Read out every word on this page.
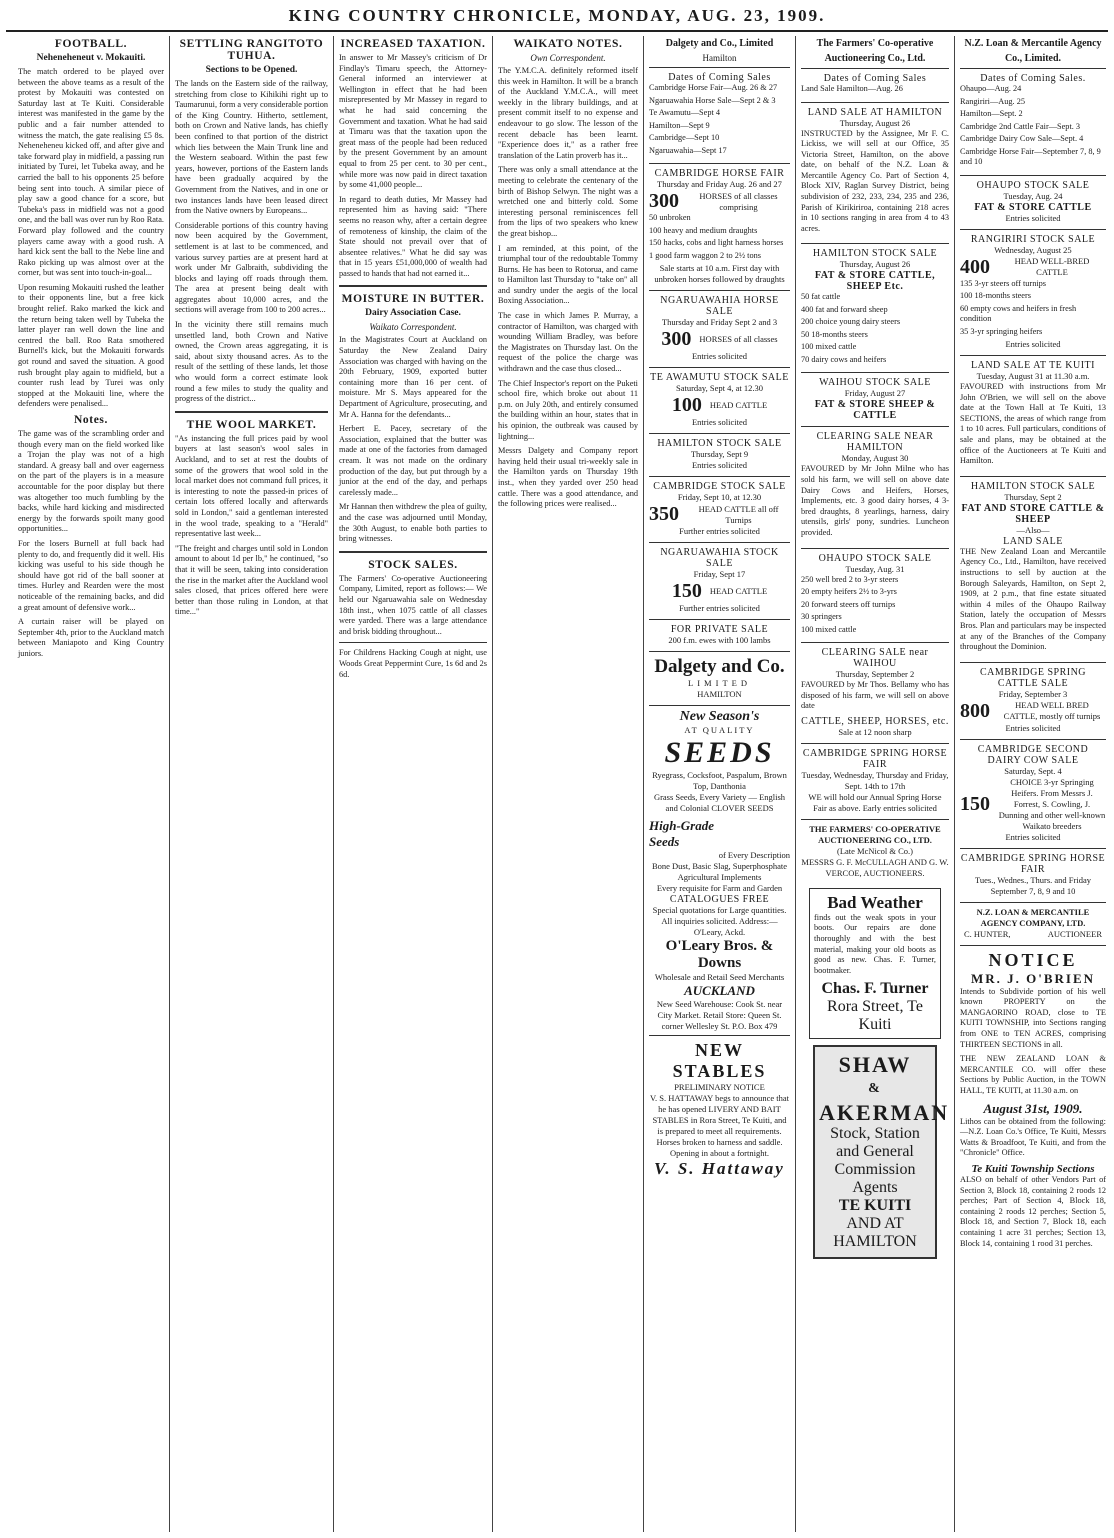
KING COUNTRY CHRONICLE, MONDAY, AUG. 23, 1909.
FOOTBALL.
Neheneheneut v. Mokauiti.

The match ordered to be played over between the above teams as a result of the protest by Mokauiti was contested on Saturday last at Te Kuiti. Considerable interest was manifested in the game by the public and a fair number attended to witness the match, the gate realising £5 8s. Neheneheneu kicked off, and after give and take forward play in midfield, a passing run initiated by Turei, let Tubeka away, and he carried the ball to his opponents 25 before being sent into touch. A similar piece of play saw a good chance for a score, but Tubeka's pass in midfield was not a good one, and the ball was over run by Roo Rata. Forward play followed and the country players came away with a good rush. A hard kick sent the ball to the Nebe line and Rako picking up was almost over at the corner, but was sent into touch-in-goal...

Upon resuming Mokauiti rushed the leather to their opponents line, but a free kick brought relief. Rako marked the kick and the return being taken well by Tubeka the latter player ran well down the line and centred the ball. Roo Rata smothered Burnell's kick, but the Mokauiti forwards got round and saved the situation. A good rush brought play again to midfield, but a counter rush lead by Turei was only stopped at the Mokauiti line, where the defenders were penalised...

Notes.

The game was of the scrambling order and though every man on the field worked like a Trojan the play was not of a high standard. A greasy ball and over eagerness on the part of the players is in a measure accountable for the poor display but there was altogether too much fumbling by the backs, while hard kicking and misdirected energy by the forwards spoilt many good opportunities...

For the losers Burnell at full back had plenty to do, and frequently did it well. His kicking was useful to his side though he should have got rid of the ball sooner at times. Hurley and Rearden were the most noticeable of the remaining backs, and did a great amount of defensive work...

A curtain raiser will be played on September 4th, prior to the Auckland match between Maniapoto and King Country juniors.

SETTLING RANGITOTO TUHUA.
Sections to be Opened.

The lands on the Eastern side of the railway, stretching from close to Kihikihi right up to Taumarunui, form a very considerable portion of the King Country. Hitherto, settlement, both on Crown and Native lands, has chiefly been confined to that portion of the district which lies between the Main Trunk line and the Western seaboard. Within the past few years, however, portions of the Eastern lands have been gradually acquired by the Government from the Natives, and in one or two instances lands have been leased direct from the Native owners by Europeans...

Considerable portions of this country having now been acquired by the Government, settlement is at last to be commenced, and various survey parties are at present hard at work under Mr Galbraith, subdividing the blocks and laying off roads through them. The area at present being dealt with aggregates about 10,000 acres, and the sections will average from 100 to 200 acres...

In the vicinity there still remains much unsettled land, both Crown and Native owned, the Crown areas aggregating, it is said, about sixty thousand acres. As to the result of the settling of these lands, let those who would form a correct estimate look round a few miles to study the quality and progress of the district...

THE WOOL MARKET.

"As instancing the full prices paid by wool buyers at last season's wool sales in Auckland, and to set at rest the doubts of some of the growers that wool sold in the local market does not command full prices, it is interesting to note the passed-in prices of certain lots offered locally and afterwards sold in London," said a gentleman interested in the wool trade, speaking to a "Herald" representative last week...

"The freight and charges until sold in London amount to about 1d per lb," he continued, "so that it will be seen, taking into consideration the rise in the market after the Auckland wool sales closed, that prices offered here were better than those ruling in London, at that time..."

INCREASED TAXATION.

In answer to Mr Massey's criticism of Dr Findlay's Timaru speech, the Attorney-General informed an interviewer at Wellington in effect that he had been misrepresented by Mr Massey in regard to what he had said concerning the Government and taxation. What he had said at Timaru was that the taxation upon the great mass of the people had been reduced by the present Government by an amount equal to from 25 per cent. to 30 per cent., while more was now paid in direct taxation by some 41,000 people...

In regard to death duties, Mr Massey had represented him as having said: "There seems no reason why, after a certain degree of remoteness of kinship, the claim of the State should not prevail over that of absentee relatives." What he did say was that in 15 years £51,000,000 of wealth had passed to hands that had not earned it...

MOISTURE IN BUTTER.
Dairy Association Case.
Waikato Correspondent.

In the Magistrates Court at Auckland on Saturday the New Zealand Dairy Association was charged with having on the 20th February, 1909, exported butter containing more than 16 per cent. of moisture. Mr S. Mays appeared for the Department of Agriculture, prosecuting, and Mr A. Hanna for the defendants...

Herbert E. Pacey, secretary of the Association, explained that the butter was made at one of the factories from damaged cream. It was not made on the ordinary production of the day, but put through by a junior at the end of the day, and perhaps carelessly made...

Mr Hannan then withdrew the plea of guilty, and the case was adjourned until Monday, the 30th August, to enable both parties to bring witnesses.

STOCK SALES.

The Farmers' Co-operative Auctioneering Company, Limited, report as follows:— We held our Ngaruawahia sale on Wednesday 18th inst., when 1075 cattle of all classes were yarded. There was a large attendance and brisk bidding throughout...

For Childrens Hacking Cough at night, use Woods Great Peppermint Cure, 1s 6d and 2s 6d.

WAIKATO NOTES.
Own Correspondent.

The Y.M.C.A. definitely reformed itself this week in Hamilton. It will be a branch of the Auckland Y.M.C.A., will meet weekly in the library buildings, and at present commit itself to no expense and endeavour to go slow. The lesson of the recent debacle has been learnt. "Experience does it," as a rather free translation of the Latin proverb has it...

There was only a small attendance at the meeting to celebrate the centenary of the birth of Bishop Selwyn. The night was a wretched one and bitterly cold. Some interesting personal reminiscences fell from the lips of two speakers who knew the great bishop...

I am reminded, at this point, of the triumphal tour of the redoubtable Tommy Burns. He has been to Rotorua, and came to Hamilton last Thursday to "take on" all and sundry under the aegis of the local Boxing Association...

The case in which James P. Murray, a contractor of Hamilton, was charged with wounding William Bradley, was before the Magistrates on Thursday last. On the request of the police the charge was withdrawn and the case thus closed...

The Chief Inspector's report on the Puketi school fire, which broke out about 11 p.m. on July 20th, and entirely consumed the building within an hour, states that in his opinion, the outbreak was caused by lightning...

Messrs Dalgety and Company report having held their usual tri-weekly sale in the Hamilton yards on Thursday 19th inst., when they yarded over 250 head cattle. There was a good attendance, and the following prices were realised...

Dalgety and Co., Limited
Hamilton
Dates of Coming Sales
Cambridge Horse Fair—Aug. 26 & 27
Ngaruawahia Horse Sale—Sept 2 & 3
Te Awamutu—Sept 4
Hamilton—Sept 9
Cambridge—Sept 10
Ngaruawahia—Sept 17
CAMBRIDGE HORSE FAIR
Thursday and Friday Aug. 26 and 27
300	HORSES of all classes comprising
50 unbroken
100 heavy and medium draughts
150 hacks, cobs and light harness horses
1 good farm waggon 2 to 2½ tons
Sale starts at 10 a.m. First day with unbroken horses followed by draughts
NGARUAWAHIA HORSE SALE
Thursday and Friday Sept 2 and 3
300 HORSES of all classes
Entries solicited
TE AWAMUTU STOCK SALE
Saturday, Sept 4, at 12.30
100 HEAD CATTLE
Entries solicited
HAMILTON STOCK SALE
Thursday, Sept 9
Entries solicited
CAMBRIDGE STOCK SALE
Friday, Sept 10, at 12.30
350	HEAD CATTLE all off Turnips
Further entries solicited
NGARUAWAHIA STOCK SALE
Friday, Sept 17
150 HEAD CATTLE
Further entries solicited
FOR PRIVATE SALE
200 f.m. ewes with 100 lambs
Dalgety and Co.
LIMITED
HAMILTON
New Season's
AT QUALITY
SEEDS
Ryegrass, Cocksfoot, Paspalum, Brown Top, Danthonia
Grass Seeds, Every Variety — English and Colonial CLOVER SEEDS
High-Grade
Seeds
of Every Description
Bone Dust, Basic Slag, Superphosphate
Agricultural Implements
Every requisite for Farm and Garden
CATALOGUES FREE
Special quotations for Large quantities. All inquiries solicited. Address:— O'Leary, Ackd.
O'Leary Bros. & Downs
Wholesale and Retail Seed Merchants
AUCKLAND
New Seed Warehouse: Cook St. near City Market. Retail Store: Queen St. corner Wellesley St. P.O. Box 479
NEW STABLES
PRELIMINARY NOTICE
V. S. HATTAWAY begs to announce that he has opened LIVERY AND BAIT STABLES in Rora Street, Te Kuiti, and is prepared to meet all requirements. Horses broken to harness and saddle. Opening in about a fortnight.
V. S. Hattaway
The Farmers' Co-operative
Auctioneering Co., Ltd.
Dates of Coming Sales
Land Sale Hamilton—Aug. 26
LAND SALE AT HAMILTON
Thursday, August 26
INSTRUCTED by the Assignee, Mr F. C. Lickiss, we will sell at our Office, 35 Victoria Street, Hamilton, on the above date, on behalf of the N.Z. Loan & Mercantile Agency Co. Part of Section 4, Block XIV, Raglan Survey District, being subdivision of 232, 233, 234, 235 and 236, Parish of Kirikiriroa, containing 218 acres in 10 sections ranging in area from 4 to 43 acres.
HAMILTON STOCK SALE
Thursday, August 26
FAT & STORE CATTLE, SHEEP Etc.
50 fat cattle
400 fat and forward sheep
200 choice young dairy steers
50 18-months steers
100 mixed cattle
70 dairy cows and heifers
WAIHOU STOCK SALE
Friday, August 27
FAT & STORE SHEEP & CATTLE
CLEARING SALE NEAR HAMILTON
Monday, August 30
FAVOURED by Mr John Milne who has sold his farm, we will sell on above date Dairy Cows and Heifers, Horses, Implements, etc. 3 good dairy horses, 4 3-bred draughts, 8 yearlings, harness, dairy utensils, girls' pony, sundries. Luncheon provided.
OHAUPO STOCK SALE
Tuesday, Aug. 31
250 well bred 2 to 3-yr steers
20 empty heifers 2½ to 3-yrs
20 forward steers off turnips
30 springers
100 mixed cattle
CLEARING SALE near WAIHOU
Thursday, September 2
FAVOURED by Mr Thos. Bellamy who has disposed of his farm, we will sell on above date
CATTLE, SHEEP, HORSES, etc.
Sale at 12 noon sharp
CAMBRIDGE SPRING HORSE FAIR
Tuesday, Wednesday, Thursday and Friday, Sept. 14th to 17th
WE will hold our Annual Spring Horse Fair as above. Early entries solicited
THE FARMERS' CO-OPERATIVE AUCTIONEERING CO., LTD.
(Late McNicol & Co.)
MESSRS G. F. McCULLAGH AND G. W. VERCOE, AUCTIONEERS.
Bad Weather
finds out the weak spots in your boots. Our repairs are done thoroughly and with the best material, making your old boots as good as new. Chas. F. Turner, bootmaker.
Chas. F. Turner
Rora Street, Te Kuiti
SHAW
&
AKERMAN
Stock, Station and General Commission Agents
TE KUITI
AND AT HAMILTON
N.Z. Loan & Mercantile Agency
Co., Limited.
Dates of Coming Sales.
Ohaupo—Aug. 24
Rangiriri—Aug. 25
Hamilton—Sept. 2
Cambridge 2nd Cattle Fair—Sept. 3
Cambridge Dairy Cow Sale—Sept. 4
Cambridge Horse Fair—September 7, 8, 9 and 10
OHAUPO STOCK SALE
Tuesday, Aug. 24
FAT & STORE CATTLE
Entries solicited
RANGIRIRI STOCK SALE
Wednesday, August 25
400	HEAD WELL-BRED CATTLE
135 3-yr steers off turnips
100 18-months steers
60 empty cows and heifers in fresh condition
35 3-yr springing heifers
Entries solicited
LAND SALE AT TE KUITI
Tuesday, August 31 at 11.30 a.m.
FAVOURED with instructions from Mr John O'Brien, we will sell on the above date at the Town Hall at Te Kuiti, 13 SECTIONS, the areas of which range from 1 to 10 acres. Full particulars, conditions of sale and plans, may be obtained at the office of the Auctioneers at Te Kuiti and Hamilton.
HAMILTON STOCK SALE
Thursday, Sept 2
FAT AND STORE CATTLE & SHEEP
—Also—
LAND SALE
THE New Zealand Loan and Mercantile Agency Co., Ltd., Hamilton, have received instructions to sell by auction at the Borough Saleyards, Hamilton, on Sept 2, 1909, at 2 p.m., that fine estate situated within 4 miles of the Ohaupo Railway Station, lately the occupation of Messrs Bros. Plan and particulars may be inspected at any of the Branches of the Company throughout the Dominion.
CAMBRIDGE SPRING CATTLE SALE
Friday, September 3
800	HEAD WELL BRED CATTLE, mostly off turnips
Entries solicited
CAMBRIDGE SECOND DAIRY COW SALE
Saturday, Sept. 4
150
CHOICE 3-yr Springing Heifers. From Messrs J. Forrest, S. Cowling, J. Dunning and other well-known Waikato breeders
Entries solicited
CAMBRIDGE SPRING HORSE FAIR
Tues., Wednes., Thurs. and Friday September 7, 8, 9 and 10
N.Z. LOAN & MERCANTILE AGENCY COMPANY, LTD.
C. HUNTER,	AUCTIONEER
NOTICE
MR. J. O'BRIEN
Intends to Subdivide portion of his well known PROPERTY on the MANGAORINO ROAD, close to TE KUITI TOWNSHIP, into Sections ranging from ONE to TEN ACRES, comprising THIRTEEN SECTIONS in all.
THE NEW ZEALAND LOAN & MERCANTILE CO. will offer these Sections by Public Auction, in the TOWN HALL, TE KUITI, at 11.30 a.m. on
August 31st, 1909.
Lithos can be obtained from the following:—N.Z. Loan Co.'s Office, Te Kuiti, Messrs Watts & Broadfoot, Te Kuiti, and from the "Chronicle" Office.
Te Kuiti Township Sections
ALSO on behalf of other Vendors Part of Section 3, Block 18, containing 2 roods 12 perches; Part of Section 4, Block 18, containing 2 roods 12 perches; Section 5, Block 18, and Section 7, Block 18, each containing 1 acre 31 perches; Section 13, Block 14, containing 1 rood 31 perches.
